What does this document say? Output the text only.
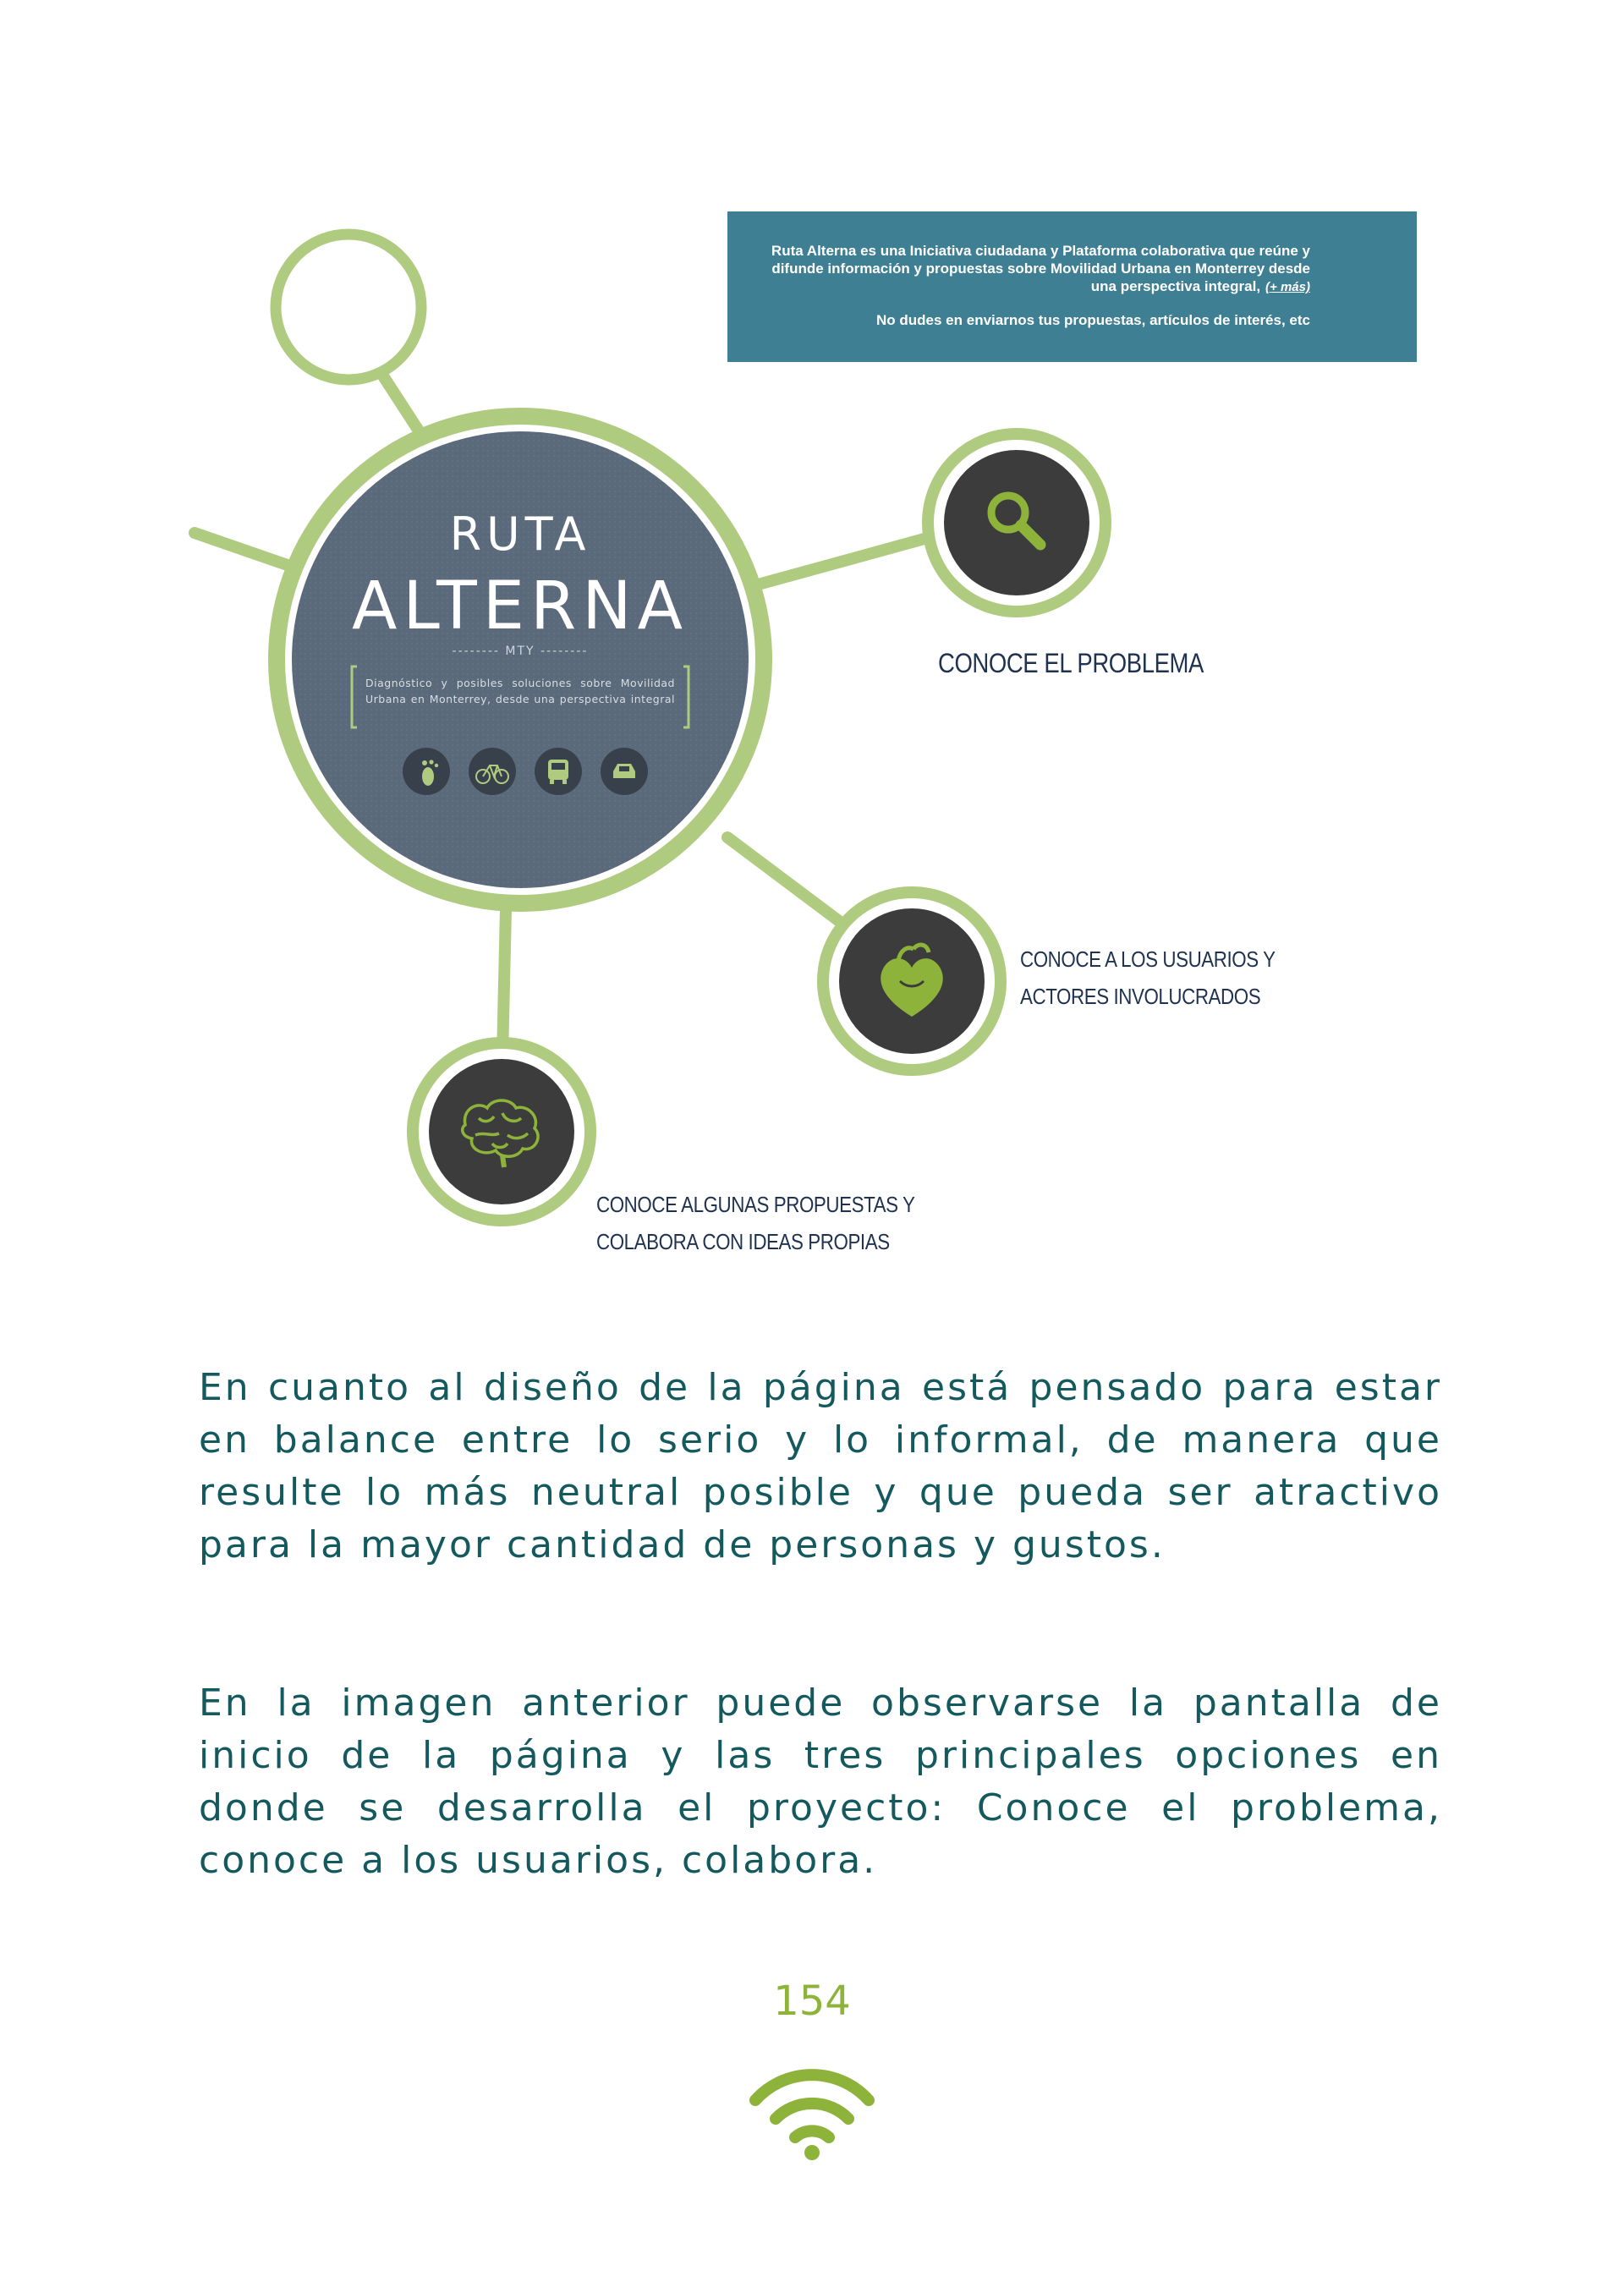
Ruta Alterna es una Iniciativa ciudadana y Plataforma colaborativa que reúne y difunde información y propuestas sobre Movilidad Urbana en Monterrey desde una perspectiva integral, (+ más)
No dudes en enviarnos tus propuestas, artículos de interés, etc
RUTA
ALTERNA
-------- MTY --------
Diagnóstico y posibles soluciones sobre Movilidad Urbana en Monterrey, desde una perspectiva integral
CONOCE EL PROBLEMA
CONOCE A LOS USUARIOS Y
ACTORES INVOLUCRADOS
CONOCE ALGUNAS PROPUESTAS Y
COLABORA CON IDEAS PROPIAS

En cuanto al diseño de la página está pensado para estar en balance entre lo serio y lo informal, de manera que resulte lo más neutral posible y que pueda ser atractivo para la mayor cantidad de personas y gustos.

En la imagen anterior puede observarse la pantalla de inicio de la página y las tres principales opciones en donde se desarrolla el proyecto: Conoce el problema, conoce a los usuarios, colabora.

154
